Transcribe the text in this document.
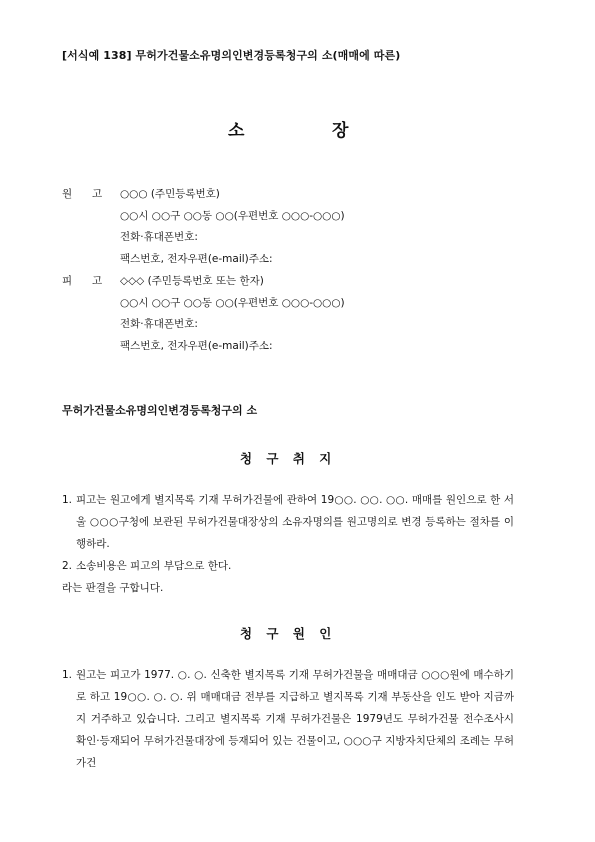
[서식예 138] 무허가건물소유명의인변경등록청구의 소(매매에 따른)
소	장
원 고	○○○ (주민등록번호)
○○시 ○○구 ○○동 ○○(우편번호 ○○○-○○○)
전화·휴대폰번호:
팩스번호, 전자우편(e-mail)주소:
피 고	◇◇◇ (주민등록번호 또는 한자)
○○시 ○○구 ○○동 ○○(우편번호 ○○○-○○○)
전화·휴대폰번호:
팩스번호, 전자우편(e-mail)주소:
무허가건물소유명의인변경등록청구의 소
청 구 취 지
1. 피고는 원고에게 별지목록 기재 무허가건물에 관하여 19○○. ○○. ○○. 매매를 원인으로 한 서울 ○○○구청에 보관된 무허가건물대장상의 소유자명의를 원고명의로 변경 등록하는 절차를 이행하라.
2. 소송비용은 피고의 부담으로 한다.
라는 판결을 구합니다.
청 구 원 인
1. 원고는 피고가 1977. ○. ○. 신축한 별지목록 기재 무허가건물을 매매대금 ○○○원에 매수하기로 하고 19○○. ○. ○. 위 매매대금 전부를 지급하고 별지목록 기재 부동산을 인도 받아 지금까지 거주하고 있습니다. 그리고 별지목록 기재 무허가건물은 1979년도 무허가건물 전수조사시 확인·등재되어 무허가건물대장에 등재되어 있는 건물이고, ○○○구 지방자치단체의 조례는 무허가건
